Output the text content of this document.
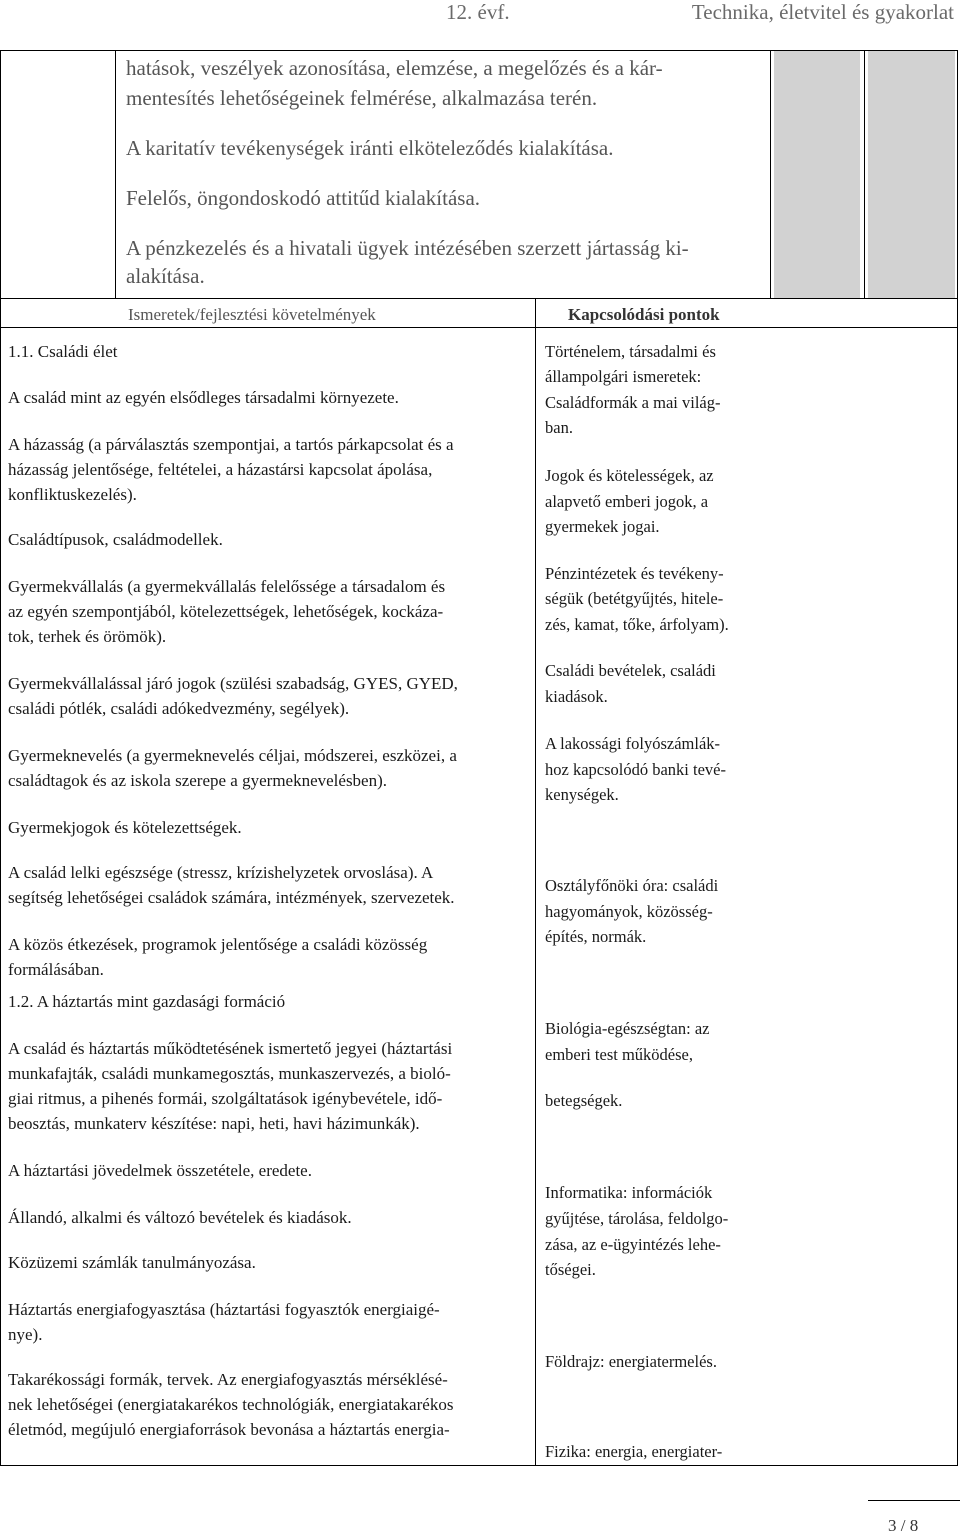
12. évf.	Technika, életvitel és gyakorlat
hatások, veszélyek azonosítása, elemzése, a megelőzés és a kár-
mentesítés lehetőségeinek felmérése, alkalmazása terén.
A karitatív tevékenységek iránti elköteleződés kialakítása.
Felelős, öngondoskodó attitűd kialakítása.
A pénzkezelés és a hivatali ügyek intézésében szerzett jártasság ki-
alakítása.
Ismeretek/fejlesztési követelmények	Kapcsolódási pontok
1.1. Családi élet
A család mint az egyén elsődleges társadalmi környezete.
A házasság (a párválasztás szempontjai, a tartós párkapcsolat és a
házasság jelentősége, feltételei, a házastársi kapcsolat ápolása,
konfliktuskezelés).
Családtípusok, családmodellek.
Gyermekvállalás (a gyermekvállalás felelőssége a társadalom és
az egyén szempontjából, kötelezettségek, lehetőségek, kockáza-
tok, terhek és örömök).
Gyermekvállalással járó jogok (szülési szabadság, GYES, GYED,
családi pótlék, családi adókedvezmény, segélyek).
Gyermeknevelés (a gyermeknevelés céljai, módszerei, eszközei, a
családtagok és az iskola szerepe a gyermeknevelésben).
Gyermekjogok és kötelezettségek.
A család lelki egészsége (stressz, krízishelyzetek orvoslása). A
segítség lehetőségei családok számára, intézmények, szervezetek.
A közös étkezések, programok jelentősége a családi közösség
formálásában.
1.2. A háztartás mint gazdasági formáció
A család és háztartás működtetésének ismertető jegyei (háztartási
munkafajták, családi munkamegosztás, munkaszervezés, a bioló-
giai ritmus, a pihenés formái, szolgáltatások igénybevétele, idő-
beosztás, munkaterv készítése: napi, heti, havi házimunkák).
A háztartási jövedelmek összetétele, eredete.
Állandó, alkalmi és változó bevételek és kiadások.
Közüzemi számlák tanulmányozása.
Háztartás energiafogyasztása (háztartási fogyasztók energiaigé-
nye).
Takarékossági formák, tervek. Az energiafogyasztás mérséklésé-
nek lehetőségei (energiatakarékos technológiák, energiatakarékos
életmód, megújuló energiaforrások bevonása a háztartás energia-
Történelem, társadalmi és
állampolgári ismeretek:
Családformák a mai világ-
ban.
Jogok és kötelességek, az
alapvető emberi jogok, a
gyermekek jogai.
Pénzintézetek és tevékeny-
ségük (betétgyűjtés, hitele-
zés, kamat, tőke, árfolyam).
Családi bevételek, családi
kiadások.
A lakossági folyószámlák-
hoz kapcsolódó banki tevé-
kenységek.
Osztályfőnöki óra: családi
hagyományok, közösség-
építés, normák.
Biológia-egészségtan: az
emberi test működése,
betegségek.
Informatika: információk
gyűjtése, tárolása, feldolgo-
zása, az e-ügyintézés lehe-
tőségei.
Földrajz: energiatermelés.
Fizika: energia, energiater-
3 / 8
